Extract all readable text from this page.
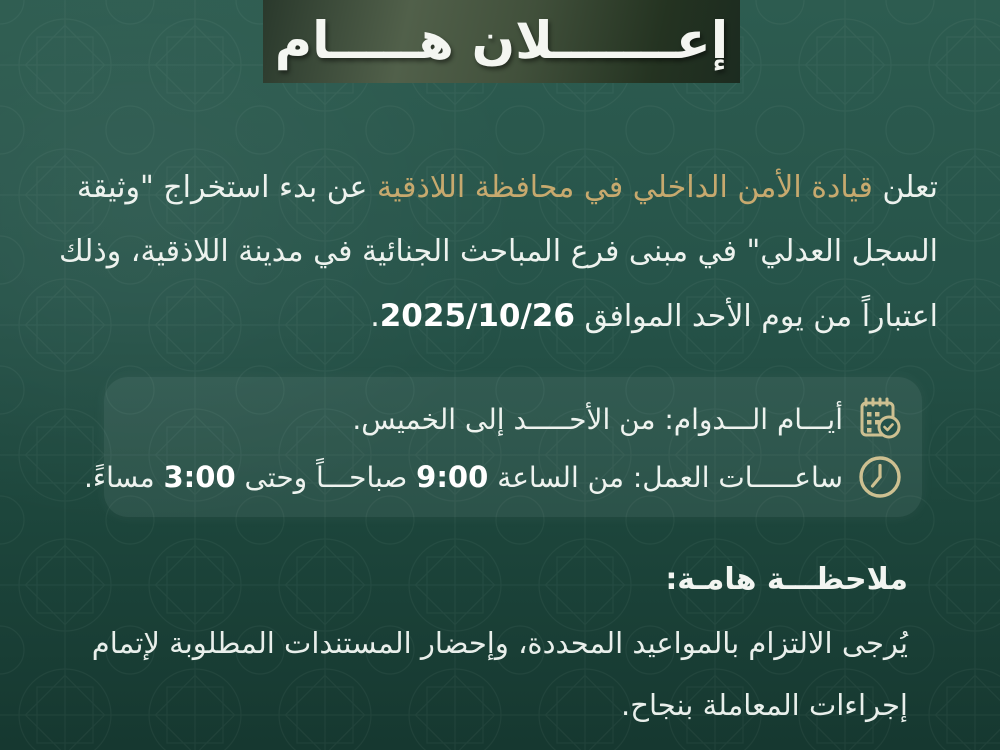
إعـــــــلان هـــــام
تعلن قيادة الأمن الداخلي في محافظة اللاذقية عن بدء استخراج "وثيقة
السجل العدلي" في مبنى فرع المباحث الجنائية في مدينة اللاذقية، وذلك
اعتباراً من يوم الأحد الموافق 2025/10/26.
أيـــام الـــدوام: من الأحـــــد إلى الخميس.
ساعـــــات العمل: من الساعة 9:00 صباحـــاً وحتى 3:00 مساءً.
ملاحظـــة هامـة:
يُرجى الالتزام بالمواعيد المحددة، وإحضار المستندات المطلوبة لإتمام
إجراءات المعاملة بنجاح.
